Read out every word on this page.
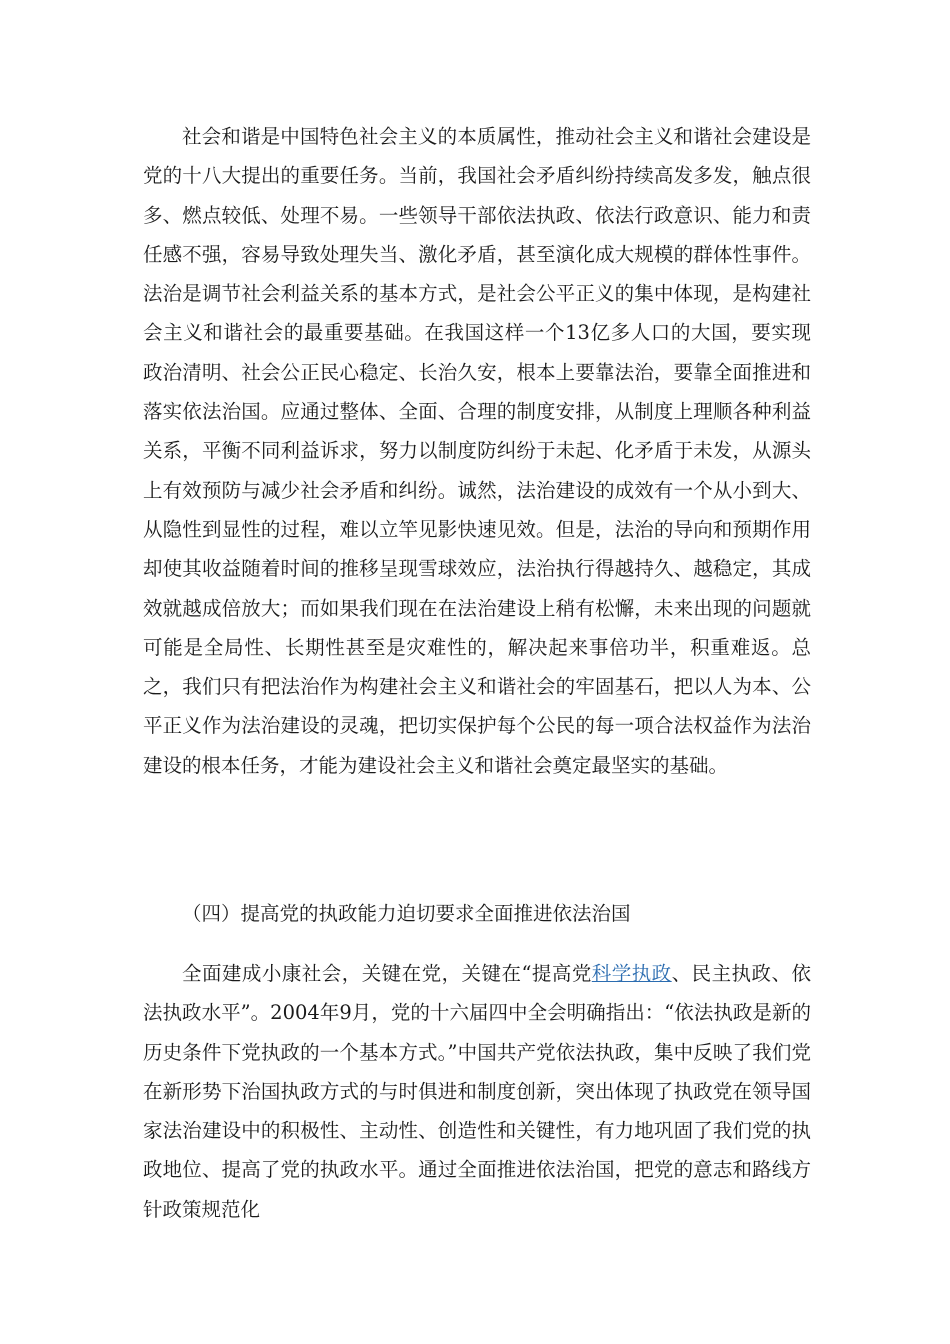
社会和谐是中国特色社会主义的本质属性，推动社会主义和谐社会建设是党的十八大提出的重要任务。当前，我国社会矛盾纠纷持续高发多发，触点很多、燃点较低、处理不易。一些领导干部依法执政、依法行政意识、能力和责任感不强，容易导致处理失当、激化矛盾，甚至演化成大规模的群体性事件。法治是调节社会利益关系的基本方式，是社会公平正义的集中体现，是构建社会主义和谐社会的最重要基础。在我国这样一个13亿多人口的大国，要实现政治清明、社会公正民心稳定、长治久安，根本上要靠法治，要靠全面推进和落实依法治国。应通过整体、全面、合理的制度安排，从制度上理顺各种利益关系，平衡不同利益诉求，努力以制度防纠纷于未起、化矛盾于未发，从源头上有效预防与减少社会矛盾和纠纷。诚然，法治建设的成效有一个从小到大、从隐性到显性的过程，难以立竿见影快速见效。但是，法治的导向和预期作用却使其收益随着时间的推移呈现雪球效应，法治执行得越持久、越稳定，其成效就越成倍放大；而如果我们现在在法治建设上稍有松懈，未来出现的问题就可能是全局性、长期性甚至是灾难性的，解决起来事倍功半，积重难返。总之，我们只有把法治作为构建社会主义和谐社会的牢固基石，把以人为本、公平正义作为法治建设的灵魂，把切实保护每个公民的每一项合法权益作为法治建设的根本任务，才能为建设社会主义和谐社会奠定最坚实的基础。

（四）提高党的执政能力迫切要求全面推进依法治国

全面建成小康社会，关键在党，关键在“提高党科学执政、民主执政、依法执政水平”。2004年9月，党的十六届四中全会明确指出：“依法执政是新的历史条件下党执政的一个基本方式。”中国共产党依法执政，集中反映了我们党在新形势下治国执政方式的与时俱进和制度创新，突出体现了执政党在领导国家法治建设中的积极性、主动性、创造性和关键性，有力地巩固了我们党的执政地位、提高了党的执政水平。通过全面推进依法治国，把党的意志和路线方针政策规范化
